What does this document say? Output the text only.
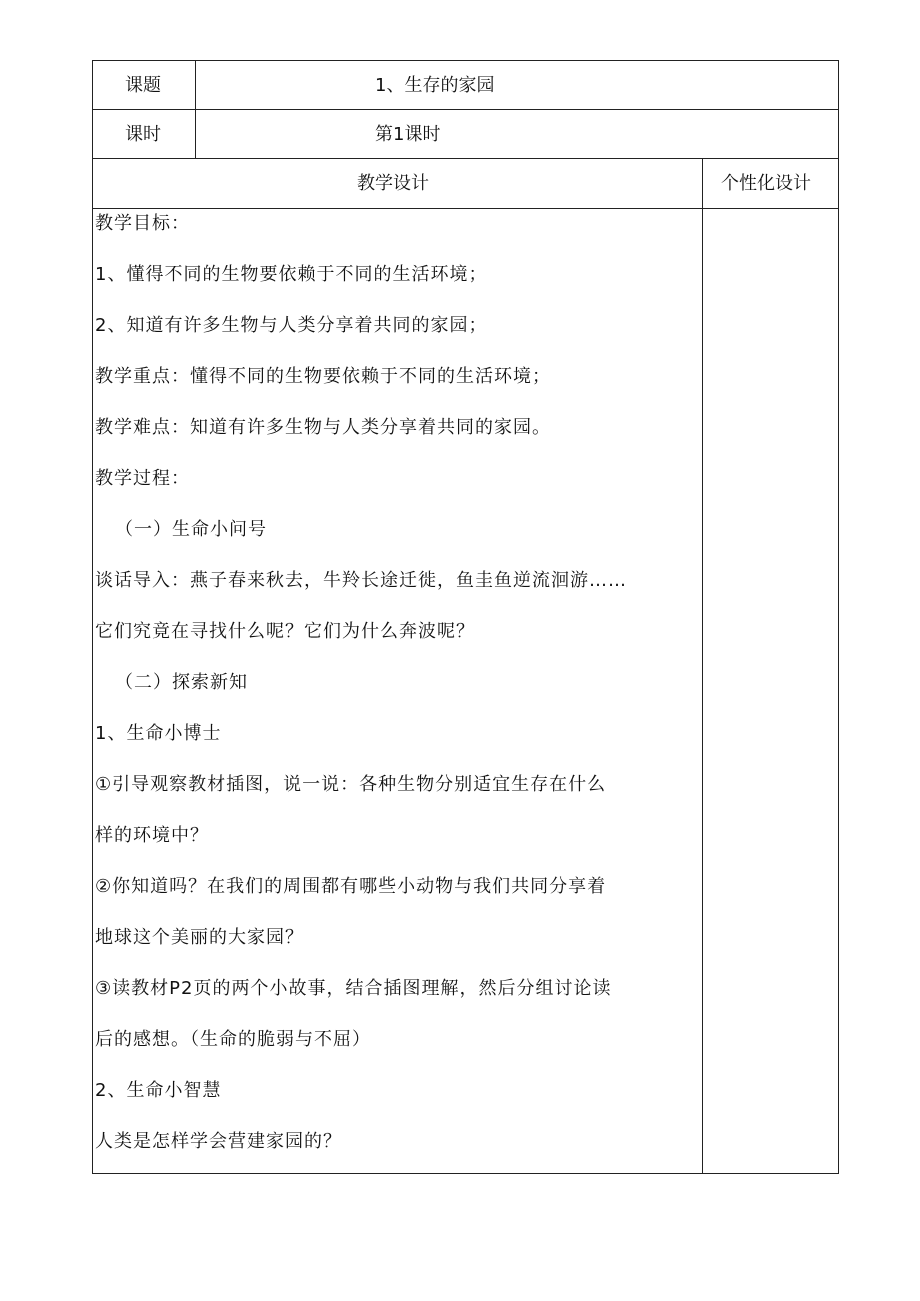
课题	1、生存的家园
课时	第1课时
教学设计	个性化设计
教学目标：
1、懂得不同的生物要依赖于不同的生活环境；
2、知道有许多生物与人类分享着共同的家园；
教学重点：懂得不同的生物要依赖于不同的生活环境；
教学难点：知道有许多生物与人类分享着共同的家园。
教学过程：
（一）生命小问号
谈话导入：燕子春来秋去，牛羚长途迁徙，鱼圭鱼逆流洄游……
它们究竟在寻找什么呢？它们为什么奔波呢？
（二）探索新知
1、生命小博士
①引导观察教材插图，说一说：各种生物分别适宜生存在什么
样的环境中？
②你知道吗？在我们的周围都有哪些小动物与我们共同分享着
地球这个美丽的大家园？
③读教材P2页的两个小故事，结合插图理解，然后分组讨论读
后的感想。（生命的脆弱与不屈）
2、生命小智慧
人类是怎样学会营建家园的？
